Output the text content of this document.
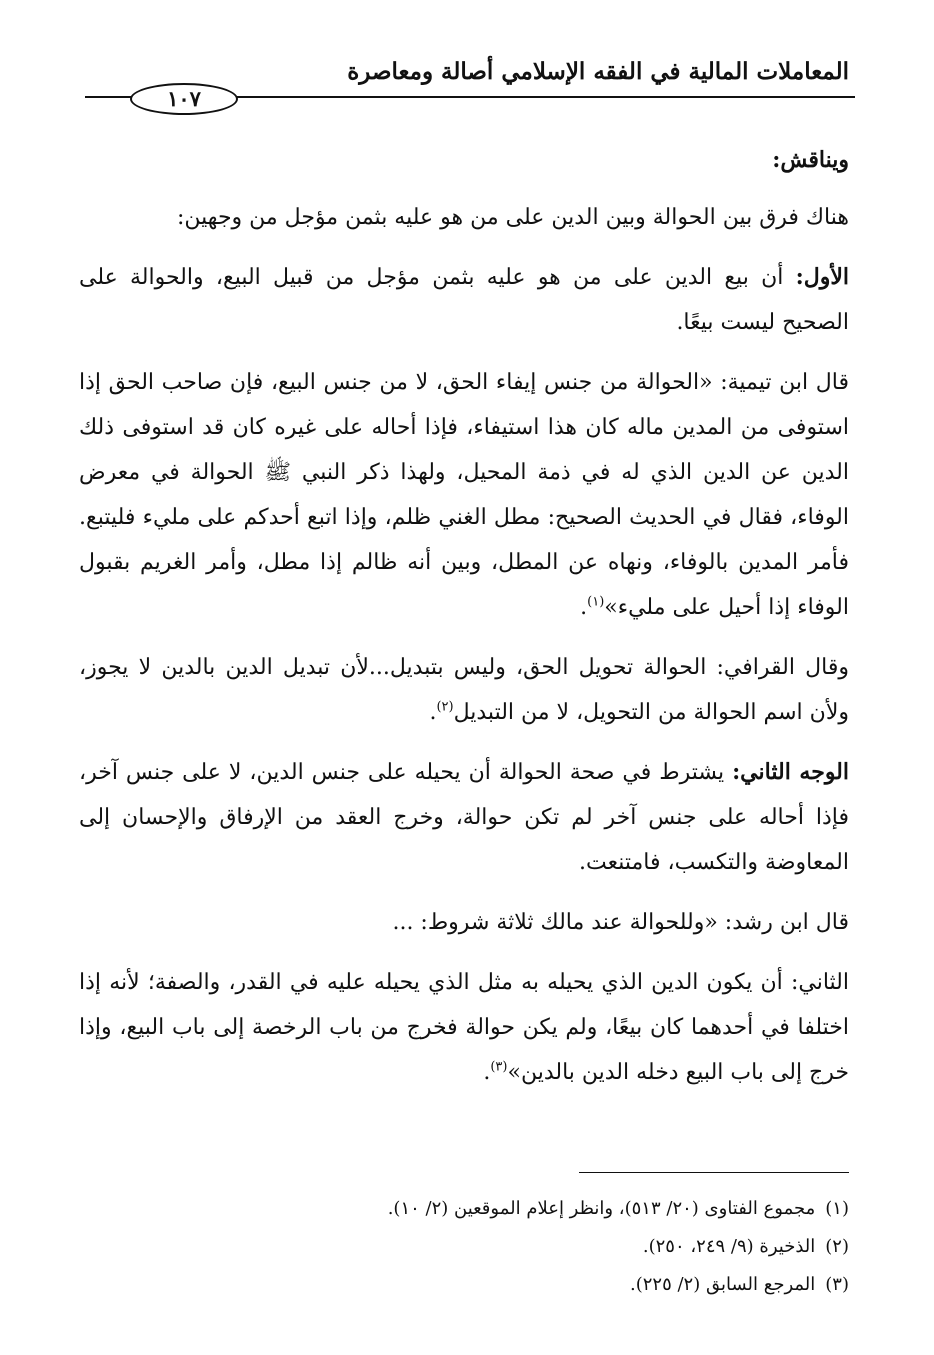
المعاملات المالية في الفقه الإسلامي أصالة ومعاصرة
١٠٧

ويناقش:

هناك فرق بين الحوالة وبين الدين على من هو عليه بثمن مؤجل من وجهين:

الأول: أن بيع الدين على من هو عليه بثمن مؤجل من قبيل البيع، والحوالة على الصحيح ليست بيعًا.

قال ابن تيمية: «الحوالة من جنس إيفاء الحق، لا من جنس البيع، فإن صاحب الحق إذا استوفى من المدين ماله كان هذا استيفاء، فإذا أحاله على غيره كان قد استوفى ذلك الدين عن الدين الذي له في ذمة المحيل، ولهذا ذكر النبي ﷺ الحوالة في معرض الوفاء، فقال في الحديث الصحيح: مطل الغني ظلم، وإذا اتبع أحدكم على مليء فليتبع. فأمر المدين بالوفاء، ونهاه عن المطل، وبين أنه ظالم إذا مطل، وأمر الغريم بقبول الوفاء إذا أحيل على مليء»$^{(١)}$.

وقال القرافي: الحوالة تحويل الحق، وليس بتبديل...لأن تبديل الدين بالدين لا يجوز، ولأن اسم الحوالة من التحويل، لا من التبديل$^{(٢)}$.

الوجه الثاني: يشترط في صحة الحوالة أن يحيله على جنس الدين، لا على جنس آخر، فإذا أحاله على جنس آخر لم تكن حوالة، وخرج العقد من الإرفاق والإحسان إلى المعاوضة والتكسب، فامتنعت.

قال ابن رشد: «وللحوالة عند مالك ثلاثة شروط: ...

الثاني: أن يكون الدين الذي يحيله به مثل الذي يحيله عليه في القدر، والصفة؛ لأنه إذا اختلفا في أحدهما كان بيعًا، ولم يكن حوالة فخرج من باب الرخصة إلى باب البيع، وإذا خرج إلى باب البيع دخله الدين بالدين»$^{(٣)}$.

(١)مجموع الفتاوى (٢٠/ ٥١٣)، وانظر إعلام الموقعين (٢/ ١٠).
(٢)الذخيرة (٩/ ٢٤٩، ٢٥٠).
(٣)المرجع السابق (٢/ ٢٢٥).
